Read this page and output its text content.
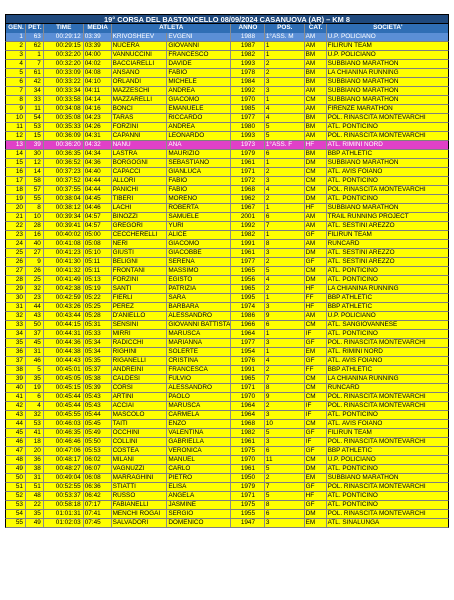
19° CORSA DEL BASTONCELLO 08/09/2024 CASANUOVA (AR) – KM 8
GEN. PET.	TIME	MEDIA	ATLETA	ANNO	POS.	CAT.	SOCIETA'
1	63	00:29:12 03:39	KRIVOSHEEV	EVGENI	1988	1°ASS. M	AM	U.P. POLICIANO
2	62	00:29:15 03:39	NUCERA	GIOVANNI	1987	1	AM	FILIRUN TEAM
3	1	00:32:20 04:00	VANNUCCINI	FRANCESCO	1982	1	BM	U.P. POLICIANO
4	7	00:32:20 04:02	BACCIARELLI	DAVIDE	1993	2	AM	SUBBIANO MARATHON
5	61	00:33:09 04:08	ANSANO	FABIO	1978	2	BM	LA CHIANINA RUNNING
6	42	00:33:22 04:10	ORLANDI	MICHELE	1984	3	BM	SUBBIANO MARATHON
7	34	00:33:34 04:11	MAZZESCHI	ANDREA	1992	3	AM	SUBBIANO MARATHON
8	33	00:33:58 04:14	MAZZARELLI	GIACOMO	1970	1	CM	SUBBIANO MARATHON
9	11	00:34:08 04:16	BONCI	EMANUELE	1985	4	AM	FIRENZE MARATHON
10	54	00:35:08 04:23	TARAS	RICCARDO	1977	4	BM	POL. RINASCITA MONTEVARCHI
11	53	00:35:33 04:26	FORZINI	ANDREA	1980	5	BM	ATL. PONTICINO
12	15	00:36:09 04:31	CAPANNI	LEONARDO	1993	5	AM	POL. RINASCITA MONTEVARCHI
13	39	00:36:20 04:32	NANU	ANA	1973	1°ASS. F	HF	ATL. RIMINI NORD
14	30	00:36:35 04:34	LASTRA	MAURIZIO	1979	6	BM	BBP ATHLETIC
15	12	00:36:52 04:36	BORGOGNI	SEBASTIANO	1961	1	DM	SUBBIANO MARATHON
16	14	00:37:23 04:40	CAPACCI	GIANLUCA	1971	2	CM	ATL. AVIS FOIANO
17	58	00:37:52 04:44	ALLORI	FABIO	1972	3	CM	ATL. PONTICINO
18	57	00:37:55 04:44	PANICHI	FABIO	1968	4	CM	POL. RINASCITA MONTEVARCHI
19	55	00:38:04 04:45	TIBERI	MORENO	1962	2	DM	ATL. PONTICINO
20	8	00:38:12 04:46	LACHI	ROBERTA	1967	1	HF	SUBBIANO MARATHON
21	10	00:39:34 04:57	BINOZZI	SAMUELE	2001	6	AM	TRAIL RUNNING PROJECT
22	28	00:39:41 04:57	GREGORI	YURI	1992	7	AM	ATL. SESTINI AREZZO
23	16	00:40:02 05:00	CECCHERELLI	ALICE	1982	1	GF	FILIRUN TEAM
24	40	00:41:08 05:08	NERI	GIACOMO	1991	8	AM	RUNCARD
25	27	00:41:23 05:10	GIUSTI	GIACOBBE	1961	3	DM	ATL. SESTINI AREZZO
26	9	00:41:30 05:11	BELIGNI	SERENA	1977	2	GF	ATL. SESTINI AREZZO
27	26	00:41:32 05:11	FRONTANI	MASSIMO	1965	5	CM	ATL. PONTICINO
28	25	00:41:49 05:13	FORZINI	EGISTO	1956	4	DM	ATL. PONTICINO
29	32	00:42:38 05:19	SANTI	PATRIZIA	1965	2	HF	LA CHIANINA RUNNING
30	23	00:42:59 05:22	FIERLI	SARA	1995	1	FF	BBP ATHLETIC
31	44	00:43:26 05:25	PEREZ	BARBARA	1974	3	HF	BBP ATHLETIC
32	43	00:43:44 05:28	D'ANIELLO	ALESSANDRO	1986	9	AM	U.P. POLICIANO
33	50	00:44:15 05:31	SENSINI	GIOVANNI BATTISTA	1966	6	CM	ATL. SANGIOVANNESE
34	37	00:44:31 05:33	MIRRI	MARUSCA	1964	1	IF	ATL. PONTICINO
35	45	00:44:36 05:34	RADICCHI	MARIANNA	1977	3	GF	POL. RINASCITA MONTEVARCHI
36	31	00:44:38 05:34	RIGHINI	SOLERTE	1954	1	EM	ATL. RIMINI NORD
37	46	00:44:43 05:35	RIGANELLI	CRISTINA	1976	4	GF	ATL. AVIS FOIANO
38	5	00:45:01 05:37	ANDREINI	FRANCESCA	1991	2	FF	BBP ATHLETIC
39	35	00:45:05 05:38	CALDESI	FULVIO	1965	7	CM	LA CHIANINA RUNNING
40	19	00:45:15 05:39	CORSI	ALESSANDRO	1971	8	CM	RUNCARD
41	6	00:45:44 05:43	ARTINI	PAOLO	1970	9	CM	POL. RINASCITA MONTEVARCHI
42	4	00:45:44 05:43	ACCIAI	MARUSCA	1964	2	IF	POL. RINASCITA MONTEVARCHI
43	32	00:45:55 05:44	MASCOLO	CARMELA	1964	3	IF	ATL. PONTICINO
44	53	00:46:03 05:45	TAITI	ENZO	1968	10	CM	ATL. AVIS FOIANO
45	41	00:46:35 05:49	OCCHINI	VALENTINA	1982	5	GF	FILIRUN TEAM
46	18	00:46:46 05:50	COLLINI	GABRIELLA	1961	3	IF	POL. RINASCITA MONTEVARCHI
47	20	00:47:06 05:53	COSTEA	VERONICA	1975	6	GF	BBP ATHLETIC
48	36	00:48:17 06:02	MILANI	MANUEL	1970	11	CM	U.P. POLICIANO
49	38	00:48:27 06:07	VAGNUZZI	CARLO	1961	5	DM	ATL. PONTICINO
50	31	00:49:04 06:08	MARRAGHINI	PIETRO	1950	2	EM	SUBBIANO MARATHON
51	51	00:52:55 06:36	STIATTI	ELISA	1979	7	GF	POL. RINASCITA MONTEVARCHI
52	48	00:53:37 06:42	RUSSO	ANGELA	1971	5	HF	ATL. PONTICINO
53	22	00:58:18 07:17	FABIANELLI	JASMINE	1975	8	GF	ATL. PONTICINO
54	35	01:01:31 07:41	MENCHI ROGAI	SERGIO	1955	6	DM	POL. RINASCITA MONTEVARCHI
55	49	01:02:03 07:45	SALVADORI	DOMENICO	1947	3	EM	ATL. SINALUNGA
